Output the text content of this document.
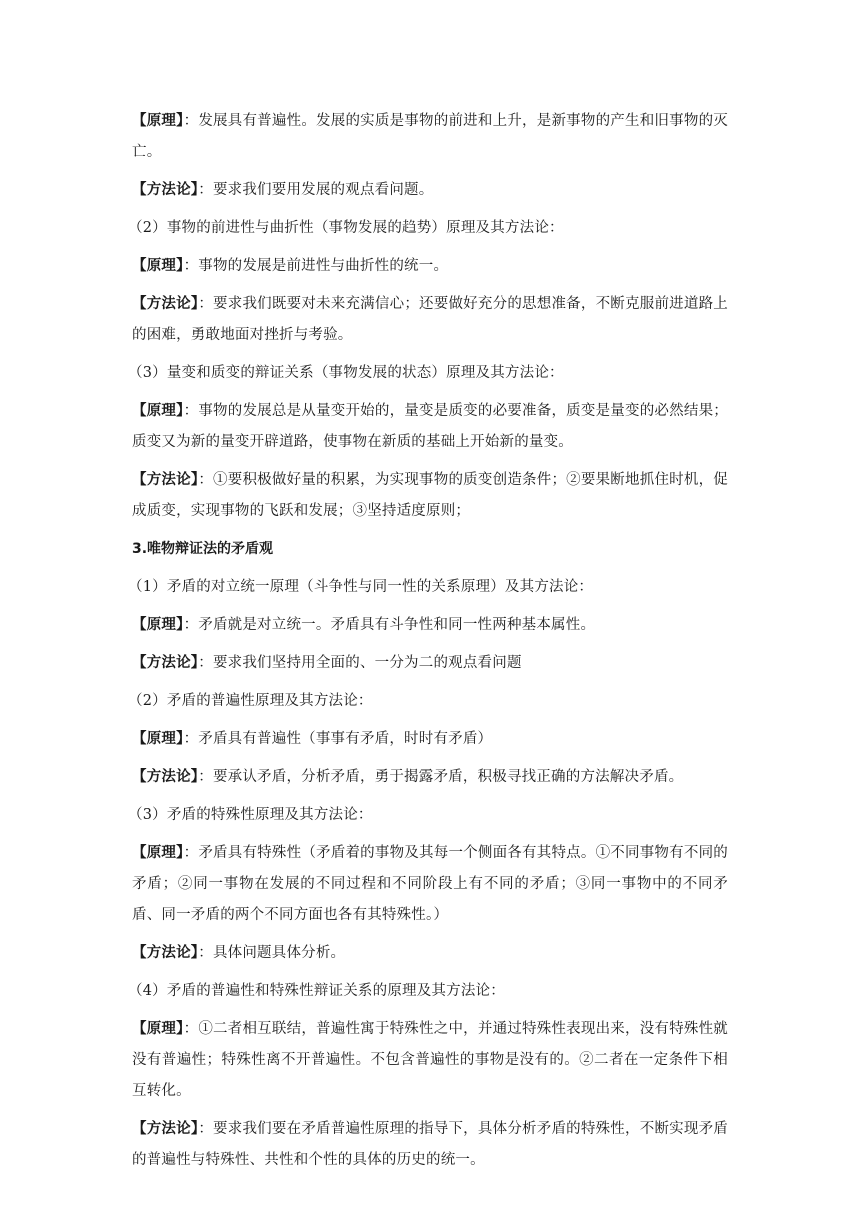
【原理】：发展具有普遍性。发展的实质是事物的前进和上升，是新事物的产生和旧事物的灭亡。

【方法论】：要求我们要用发展的观点看问题。

（2）事物的前进性与曲折性（事物发展的趋势）原理及其方法论：

【原理】：事物的发展是前进性与曲折性的统一。

【方法论】：要求我们既要对未来充满信心；还要做好充分的思想准备，不断克服前进道路上的困难，勇敢地面对挫折与考验。

（3）量变和质变的辩证关系（事物发展的状态）原理及其方法论：

【原理】：事物的发展总是从量变开始的，量变是质变的必要准备，质变是量变的必然结果；质变又为新的量变开辟道路，使事物在新质的基础上开始新的量变。

【方法论】：①要积极做好量的积累，为实现事物的质变创造条件；②要果断地抓住时机，促成质变，实现事物的飞跃和发展；③坚持适度原则；

3.唯物辩证法的矛盾观

（1）矛盾的对立统一原理（斗争性与同一性的关系原理）及其方法论：

【原理】：矛盾就是对立统一。矛盾具有斗争性和同一性两种基本属性。

【方法论】：要求我们坚持用全面的、一分为二的观点看问题

（2）矛盾的普遍性原理及其方法论：

【原理】：矛盾具有普遍性（事事有矛盾，时时有矛盾）

【方法论】：要承认矛盾，分析矛盾，勇于揭露矛盾，积极寻找正确的方法解决矛盾。

（3）矛盾的特殊性原理及其方法论：

【原理】：矛盾具有特殊性（矛盾着的事物及其每一个侧面各有其特点。①不同事物有不同的矛盾；②同一事物在发展的不同过程和不同阶段上有不同的矛盾；③同一事物中的不同矛盾、同一矛盾的两个不同方面也各有其特殊性。）

【方法论】：具体问题具体分析。

（4）矛盾的普遍性和特殊性辩证关系的原理及其方法论：

【原理】：①二者相互联结，普遍性寓于特殊性之中，并通过特殊性表现出来，没有特殊性就没有普遍性；特殊性离不开普遍性。不包含普遍性的事物是没有的。②二者在一定条件下相互转化。

【方法论】：要求我们要在矛盾普遍性原理的指导下，具体分析矛盾的特殊性，不断实现矛盾的普遍性与特殊性、共性和个性的具体的历史的统一。
